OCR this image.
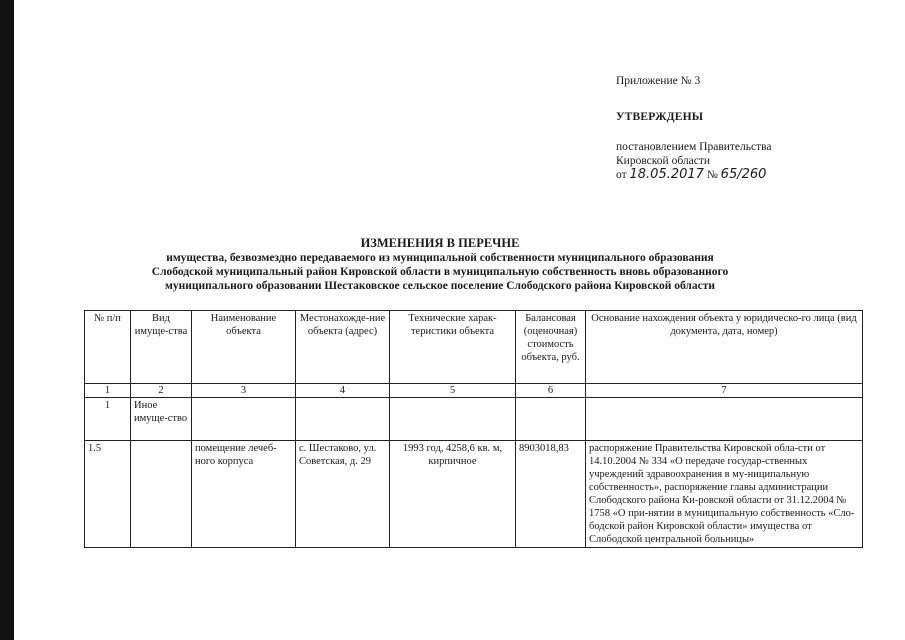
Приложение № 3
УТВЕРЖДЕНЫ
постановлением Правительства
Кировской области
от 18.05.2017 № 65/260
ИЗМЕНЕНИЯ В ПЕРЕЧНЕ
имущества, безвозмездно передаваемого из муниципальной собственности муниципального образования
Слободской муниципальный район Кировской области в муниципальную собственность вновь образованного
муниципального образовании Шестаковское сельское поселение Слободского района Кировской области
№ п/п	Вид имуще-ства	Наименование объекта	Местонахожде-ние объекта (адрес)	Технические харак-теристики объекта	Балансовая (оценочная) стоимость объекта, руб.	Основание нахождения объекта у юридическо-го лица (вид документа, дата, номер)
1	2	3	4	5	6	7
1	Иное имуще-ство					
1.5		помещение лечеб-ного корпуса	с. Шестаково, ул. Советская, д. 29	1993 год, 4258,6 кв. м, кирпичное	8903018,83	распоряжение Правительства Кировской обла-сти от 14.10.2004 № 334 «О передаче государ-ственных учреждений здравоохранения в му-ниципальную собственность», распоряжение главы администрации Слободского района Ки-ровской области от 31.12.2004 № 1758 «О при-нятии в муниципальную собственность «Сло-бодской район Кировской области» имущества от Слободской центральной больницы»
